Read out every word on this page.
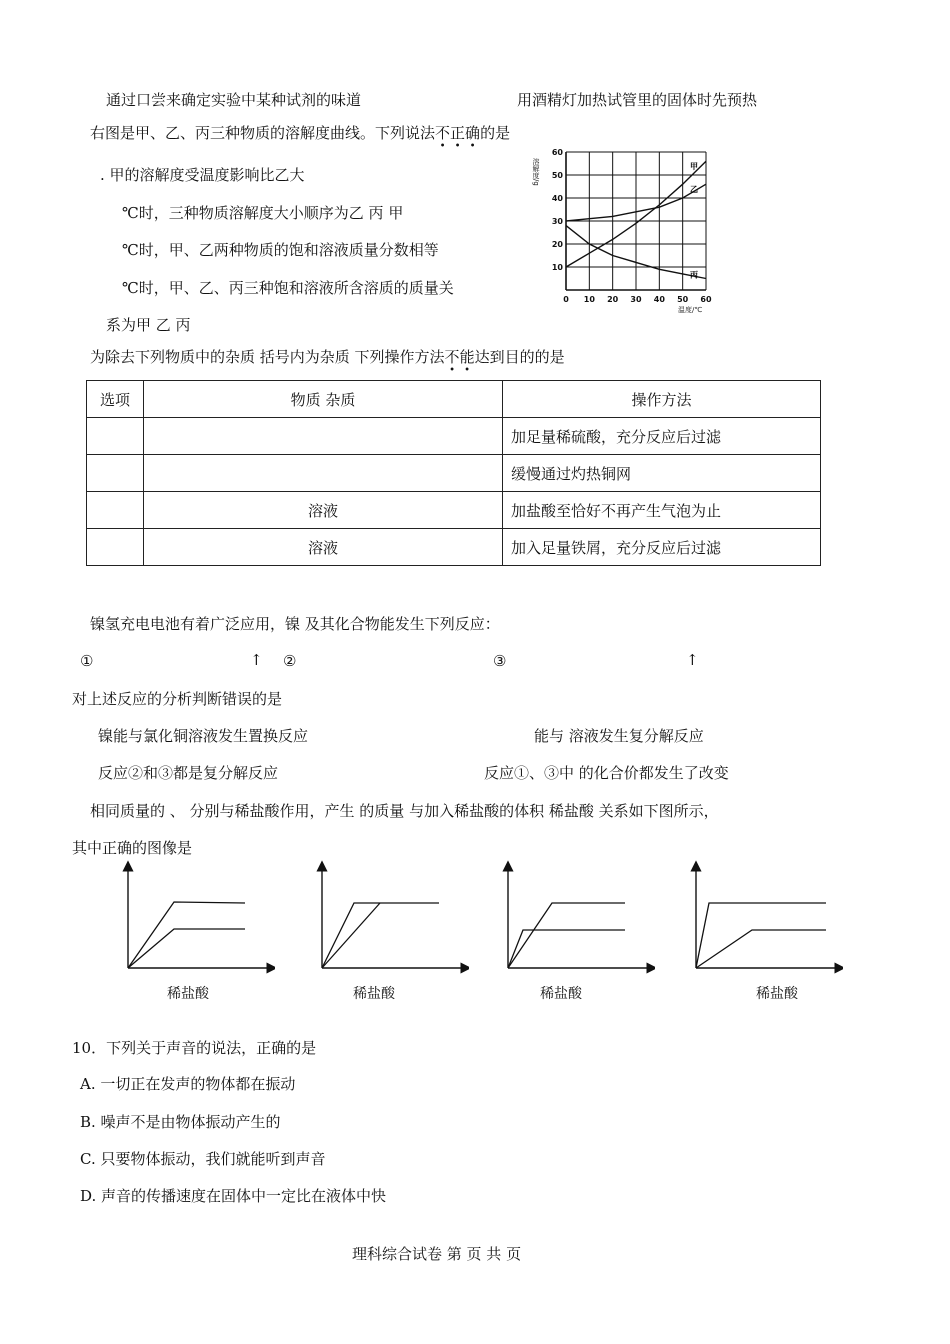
通过口尝来确定实验中某种试剂的味道	用酒精灯加热试管里的固体时先预热
右图是甲、乙、丙三种物质的溶解度曲线。下列说法不正确的是
. 甲的溶解度受温度影响比乙大
℃时，三种物质溶解度大小顺序为乙 丙 甲
℃时，甲、乙两种物质的饱和溶液质量分数相等
℃时，甲、乙、丙三种饱和溶液所含溶质的质量关
系为甲 乙 丙
甲
乙
丙
0 10 20 30 40 50 60
10
20
30
40
50
60
溶解度/g
温度/℃
为除去下列物质中的杂质 括号内为杂质 下列操作方法不能达到目的的是
选项	物质 杂质	操作方法
		加足量稀硫酸，充分反应后过滤
		缓慢通过灼热铜网
	溶液	加盐酸至恰好不再产生气泡为止
	溶液	加入足量铁屑，充分反应后过滤
镍氢充电电池有着广泛应用，镍 及其化合物能发生下列反应：
①	↑ ②	③	↑
对上述反应的分析判断错误的是
镍能与氯化铜溶液发生置换反应	能与 溶液发生复分解反应
反应②和③都是复分解反应	反应①、③中 的化合价都发生了改变
相同质量的 、 分别与稀盐酸作用，产生 的质量 与加入稀盐酸的体积 稀盐酸 关系如下图所示，
其中正确的图像是
稀盐酸	稀盐酸	稀盐酸	稀盐酸
10．下列关于声音的说法，正确的是
A. 一切正在发声的物体都在振动
B. 噪声不是由物体振动产生的
C. 只要物体振动，我们就能听到声音
D. 声音的传播速度在固体中一定比在液体中快
理科综合试卷 第 页 共 页
